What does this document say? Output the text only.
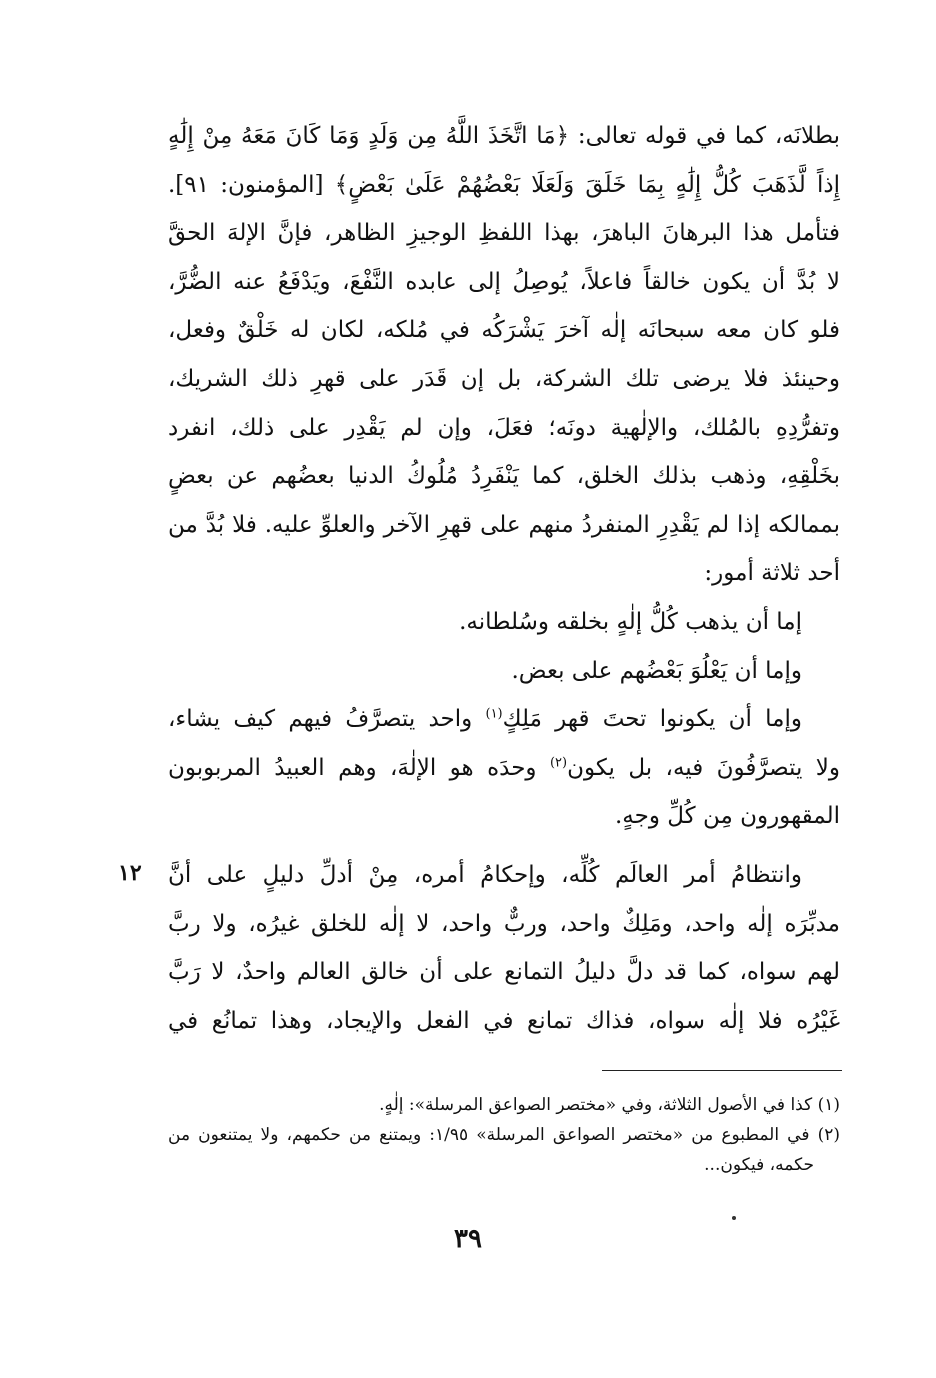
بطلانَه، كما في قوله تعالى: ﴿مَا اتَّخَذَ اللَّهُ مِن وَلَدٍ وَمَا كَانَ مَعَهُ مِنْ إِلَٰهٍ
إِذاً لَّذَهَبَ كُلُّ إِلَٰهٍ بِمَا خَلَقَ وَلَعَلَا بَعْضُهُمْ عَلَىٰ بَعْضٍ﴾ [المؤمنون: ٩١].
فتأمل هذا البرهانَ الباهرَ، بهذا اللفظِ الوجيزِ الظاهر، فإنَّ الإلهَ الحقَّ
لا بُدَّ أن يكون خالقاً فاعلاً، يُوصِلُ إلى عابده النَّفْعَ، ويَدْفَعُ عنه الضُّرَّ،
فلو كان معه سبحانَه إلٰه آخرَ يَشْرَكُه في مُلكه، لكان له خَلْقٌ وفعل،
وحينئذ فلا يرضى تلك الشركة، بل إن قَدَر على قهرِ ذلك الشريك،
وتفرُّدِهِ بالمُلك، والإلٰهية دونَه؛ فعَلَ، وإن لم يَقْدِر على ذلك، انفرد
بخَلْقِهِ، وذهب بذلك الخلق، كما يَنْفَرِدُ مُلُوكُ الدنيا بعضُهم عن بعضٍ
بممالكه إذا لم يَقْدِرِ المنفردُ منهم على قهرِ الآخر والعلوِّ عليه. فلا بُدَّ من
أحد ثلاثة أمور:
إما أن يذهب كُلُّ إلٰهٍ بخلقه وسُلطانه.
وإما أن يَعْلُوَ بَعْضُهم على بعض.
وإما أن يكونوا تحتَ قهر مَلِكٍ$^{(١)}$ واحد يتصرَّفُ فيهم كيف يشاء،
ولا يتصرَّفُونَ فيه، بل يكون$^{(٢)}$ وحدَه هو الإلٰهَ، وهم العبيدُ المربوبون
المقهورون مِن كُلِّ وجهٍ.
وانتظامُ أمر العالَم كُلِّه، وإحكامُ أمره، مِنْ أدلِّ دليلٍ على أنَّ
مدبِّرَه إلٰه واحد، ومَلِكٌ واحد، وربٌّ واحد، لا إلٰه للخلق غيرُه، ولا ربَّ
لهم سواه، كما قد دلَّ دليلُ التمانع على أن خالق العالم واحدٌ، لا رَبَّ
غَيْرُه فلا إلٰه سواه، فذاك تمانع في الفعل والإيجاد، وهذا تمانُع في
١٢
(١) كذا في الأصول الثلاثة، وفي «مختصر الصواعق المرسلة»: إلٰهٍ.
(٢) في المطبوع من «مختصر الصواعق المرسلة» ١/٩٥: ويمتنع من حكمهم، ولا يمتنعون من
حكمه، فيكون...
٣٩
